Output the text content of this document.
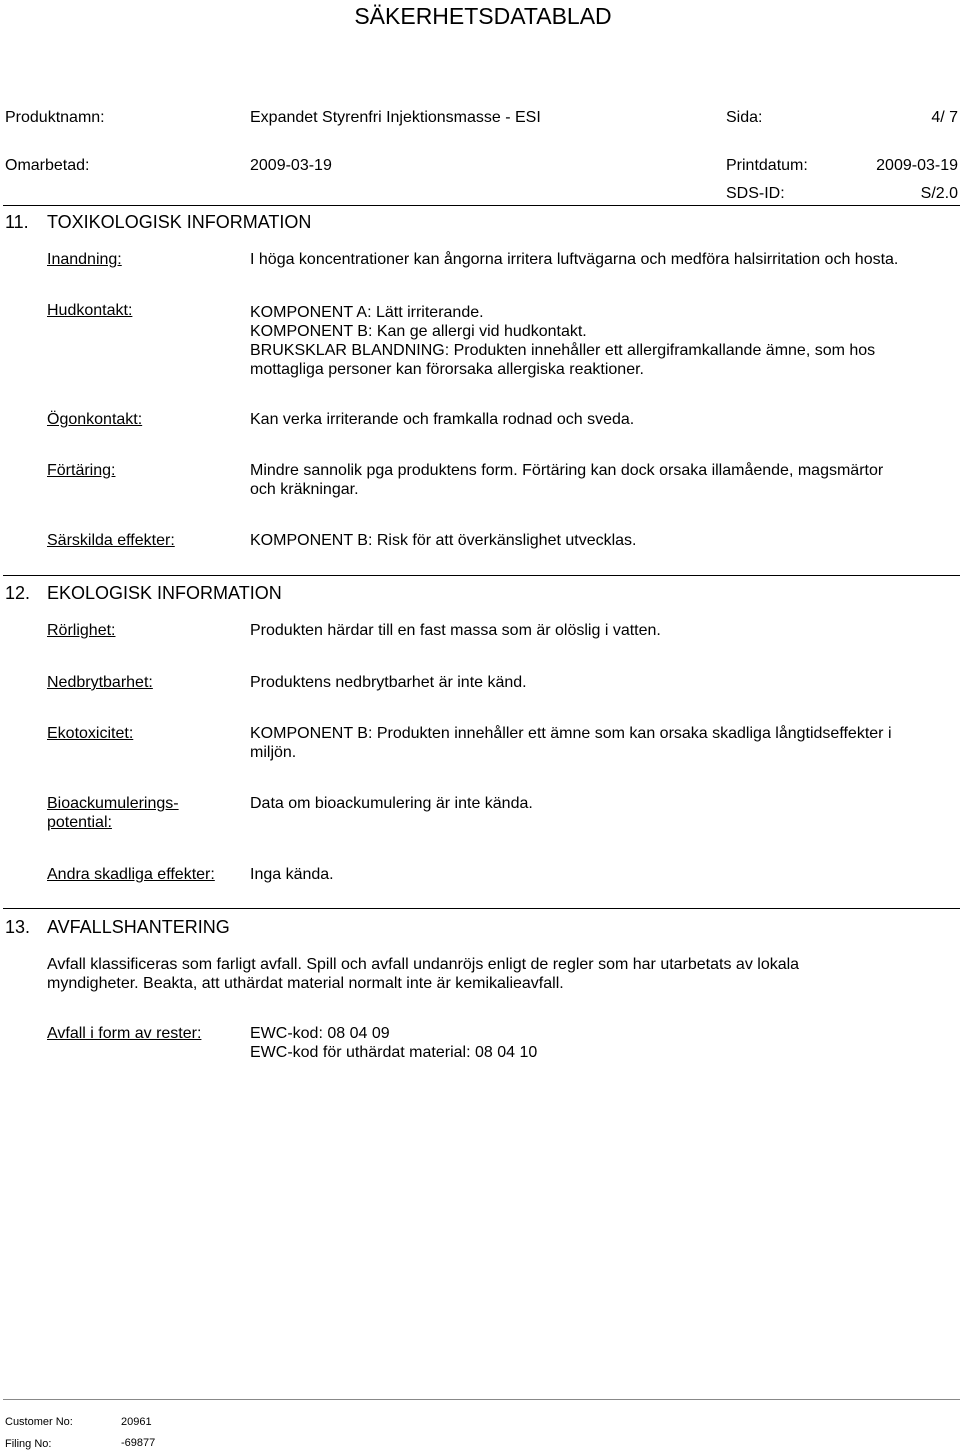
SÄKERHETSDATABLAD
Produktnamn:	Expandet Styrenfri Injektionsmasse - ESI	Sida:	4/ 7
Omarbetad:	2009-03-19	Printdatum:	2009-03-19
SDS-ID:	S/2.0
11. TOXIKOLOGISK INFORMATION
Inandning:	I höga koncentrationer kan ångorna irritera luftvägarna och medföra halsirritation och hosta.
Hudkontakt:	KOMPONENT A: Lätt irriterande.
KOMPONENT B: Kan ge allergi vid hudkontakt.
BRUKSKLAR BLANDNING: Produkten innehåller ett allergiframkallande ämne, som hos
mottagliga personer kan förorsaka allergiska reaktioner.
Ögonkontakt:	Kan verka irriterande och framkalla rodnad och sveda.
Förtäring:	Mindre sannolik pga produktens form. Förtäring kan dock orsaka illamående, magsmärtor
och kräkningar.
Särskilda effekter:	KOMPONENT B: Risk för att överkänslighet utvecklas.
12. EKOLOGISK INFORMATION
Rörlighet:	Produkten härdar till en fast massa som är olöslig i vatten.
Nedbrytbarhet:	Produktens nedbrytbarhet är inte känd.
Ekotoxicitet:	KOMPONENT B: Produkten innehåller ett ämne som kan orsaka skadliga långtidseffekter i
miljön.
Bioackumulerings-
potential:
Data om bioackumulering är inte kända.
Andra skadliga effekter: Inga kända.
13. AVFALLSHANTERING
Avfall klassificeras som farligt avfall. Spill och avfall undanröjs enligt de regler som har utarbetats av lokala
myndigheter. Beakta, att uthärdat material normalt inte är kemikalieavfall.
Avfall i form av rester:	EWC-kod: 08 04 09
EWC-kod för uthärdat material: 08 04 10
Customer No:	20961
Filing No:	-69877
